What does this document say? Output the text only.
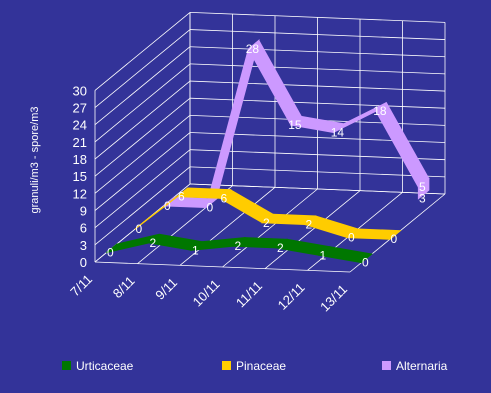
0
3
6
9
12
15
18
21
24
27
30
granuli/m3 - spore/m3
7/11 8/11 9/11 10/11 11/11 12/11 13/11
0	0
28
15
14
18
5
3
0
6	6
2	2
0	0
0
2
1	2	2
1
0
Urticaceae	Pinaceae	Alternaria
